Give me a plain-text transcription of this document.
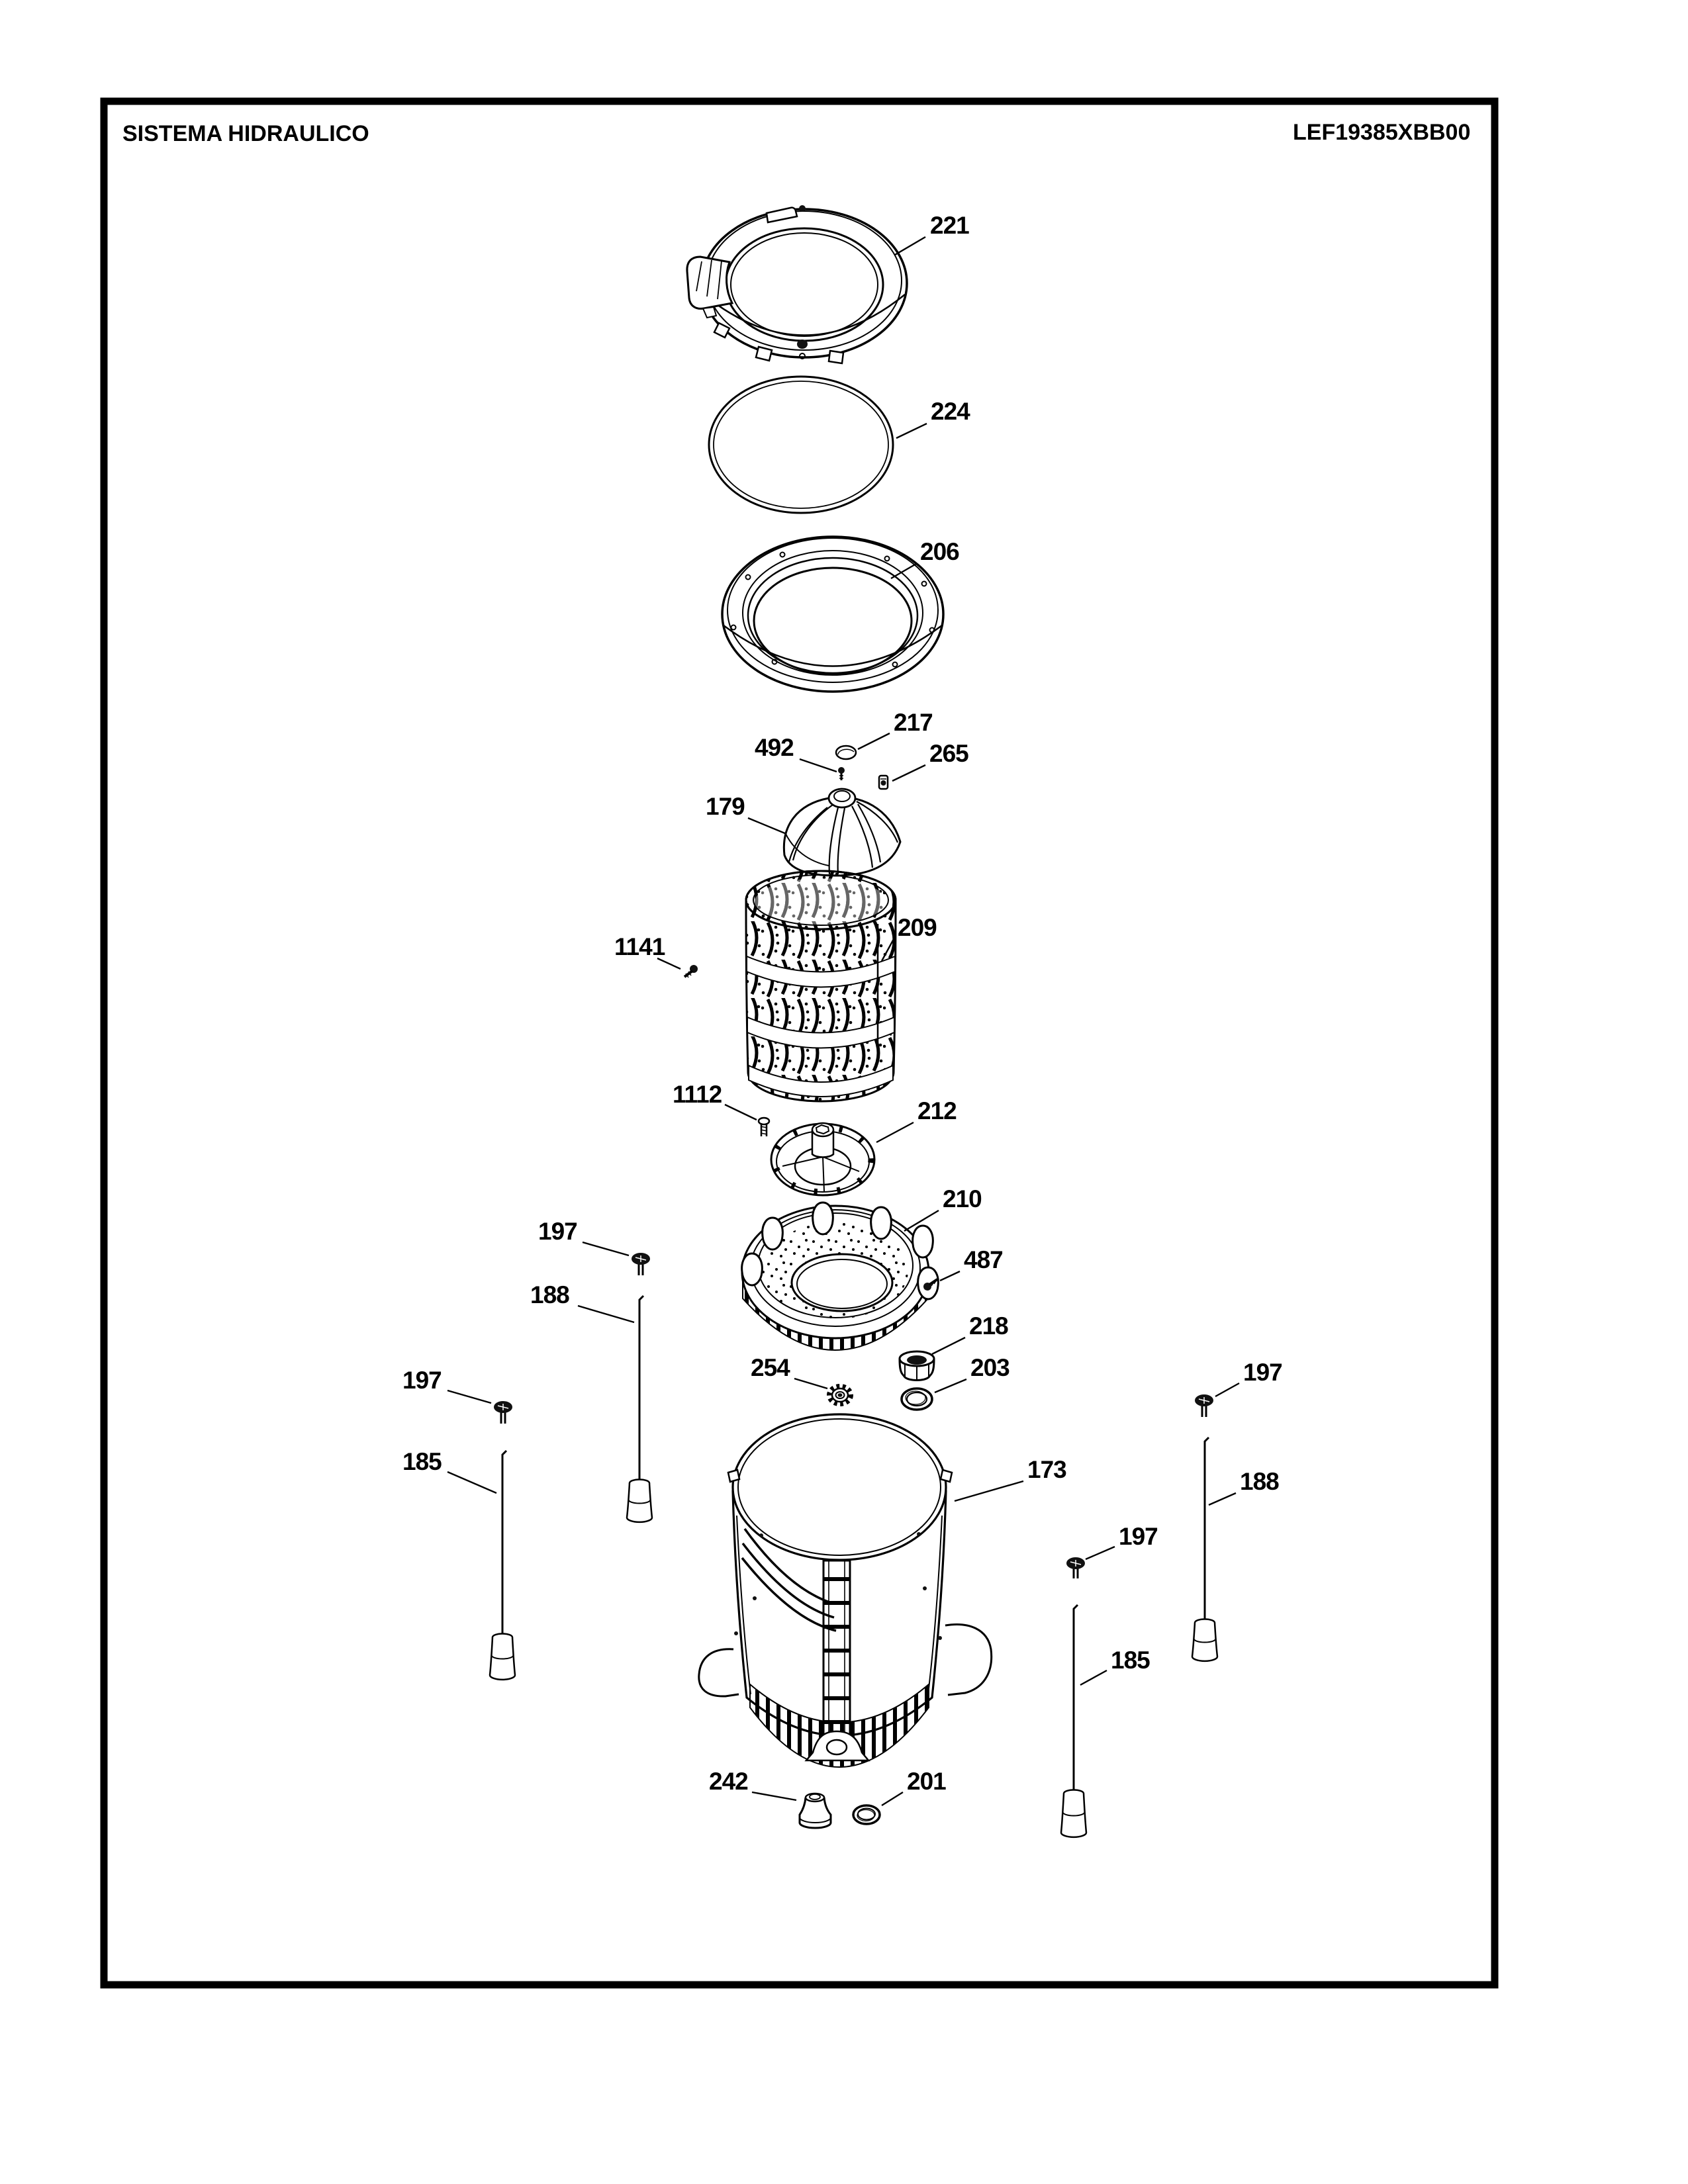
SISTEMA HIDRAULICO	LEF19385XBB00
221
224
206
217
492	265
179
209
1141
1112
212
210
487
218
254	203
173
197
188
197
185
197
188
197
185
242	201
